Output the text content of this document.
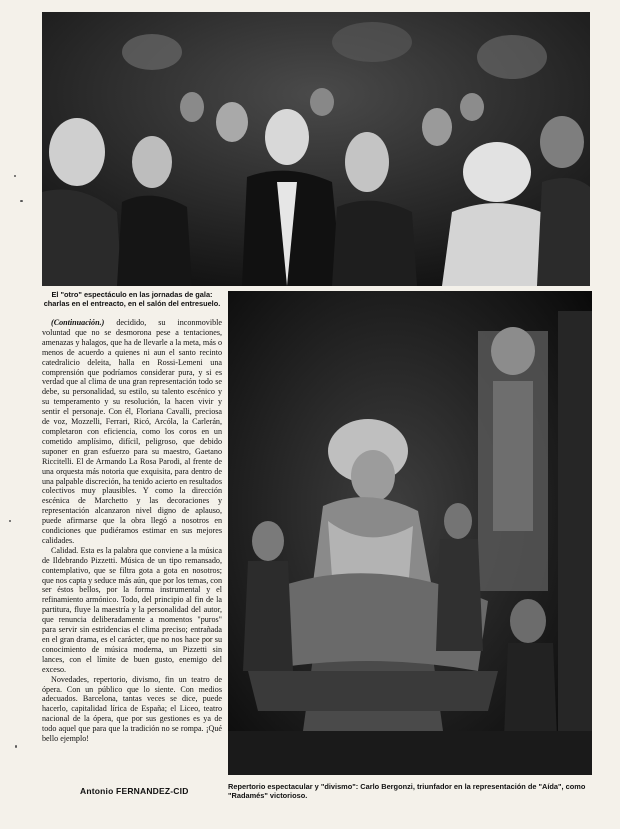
El "otro" espectáculo en las jornadas de gala: charlas en el entreacto, en el salón del entresuelo.
Repertorio espectacular y "divismo": Carlo Bergonzi, triunfador en la representación de "Aída", como "Radamés" victorioso.

(Continuación.) decidido, su inconmovible voluntad que no se desmorona pese a tentaciones, amenazas y halagos, que ha de llevarle a la meta, más o menos de acuerdo a quienes ni aun el santo recinto catedralicio deleita, halla en Rossi-Lemeni una comprensión que podríamos considerar pura, y si es verdad que al clima de una gran representación todo se debe, su personalidad, su estilo, su talento escénico y su temperamento y su resolución, la hacen vivir y sentir el personaje. Con él, Floriana Cavalli, preciosa de voz, Mozzelli, Ferrari, Ricó, Arcóla, la Carlerán, completaron con eficiencia, como los coros en un cometido amplísimo, difícil, peligroso, que debido suponer en gran esfuerzo para su maestro, Gaetano Riccitelli. El de Armando La Rosa Parodi, al frente de una orquesta más notoria que exquisita, para dentro de una palpable discreción, ha tenido acierto en resultados colectivos muy plausibles. Y como la dirección escénica de Marchetto y las decoraciones y representación alcanzaron nivel digno de aplauso, puede afirmarse que la obra llegó a nosotros en condiciones que pudiéramos estimar en sus mejores calidades.

Calidad. Esta es la palabra que conviene a la música de Ildebrando Pizzetti. Música de un tipo remansado, contemplativo, que se filtra gota a gota en nosotros; que nos capta y seduce más aún, que por los temas, con ser éstos bellos, por la forma instrumental y el refinamiento armónico. Todo, del principio al fin de la partitura, fluye la maestría y la personalidad del autor, que renuncia deliberadamente a momentos "puros" para servir sin estridencias el clima preciso; entrañada en el gran drama, es el carácter, que no nos hace por su conocimiento de música moderna, un Pizzetti sin lances, con el límite de buen gusto, enemigo del exceso.

Novedades, repertorio, divismo, fin un teatro de ópera. Con un público que lo siente. Con medios adecuados. Barcelona, tantas veces se dice, puede hacerlo, capitalidad lírica de España; el Liceo, teatro nacional de la ópera, que por sus gestiones es ya de todo aquel que para que la tradición no se rompa. ¡Qué bello ejemplo!

Antonio FERNANDEZ-CID
